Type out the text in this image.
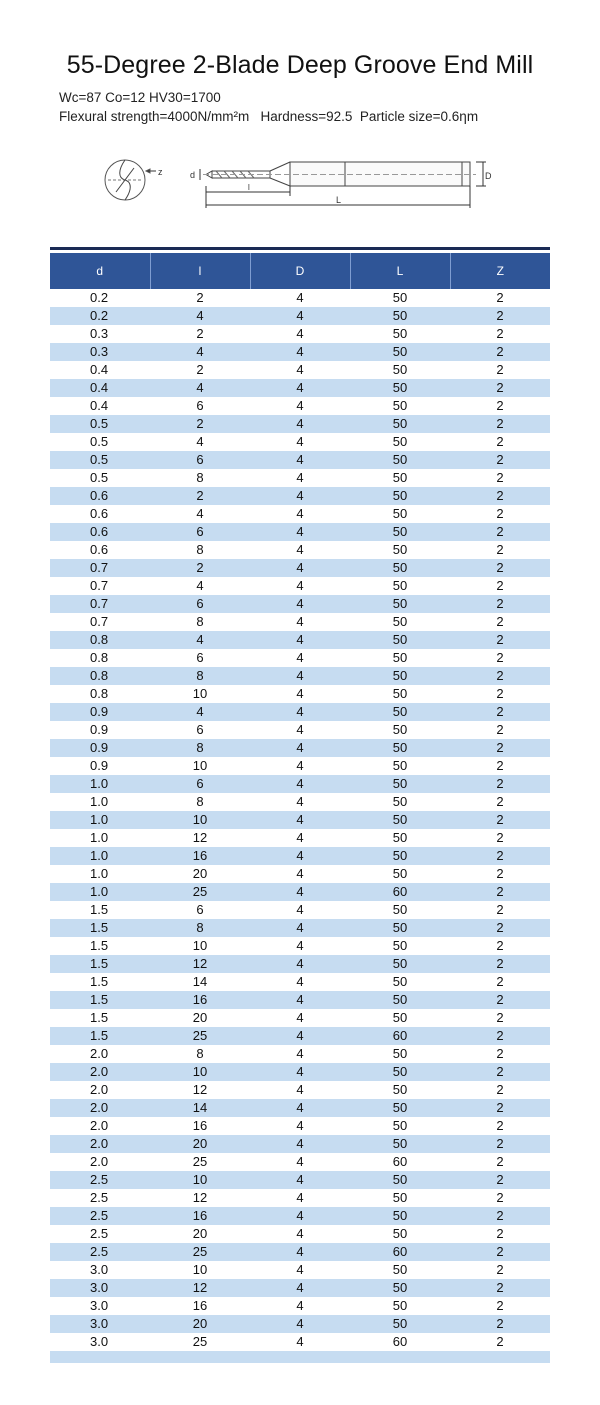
55-Degree 2-Blade Deep Groove End Mill
Wc=87 Co=12 HV30=1700
Flexural strength=4000N/mm²m   Hardness=92.5  Particle size=0.6ηm
z	d
l
L
D
d	l	D	L	Z
0.2	2	4	50	2
0.2	4	4	50	2
0.3	2	4	50	2
0.3	4	4	50	2
0.4	2	4	50	2
0.4	4	4	50	2
0.4	6	4	50	2
0.5	2	4	50	2
0.5	4	4	50	2
0.5	6	4	50	2
0.5	8	4	50	2
0.6	2	4	50	2
0.6	4	4	50	2
0.6	6	4	50	2
0.6	8	4	50	2
0.7	2	4	50	2
0.7	4	4	50	2
0.7	6	4	50	2
0.7	8	4	50	2
0.8	4	4	50	2
0.8	6	4	50	2
0.8	8	4	50	2
0.8	10	4	50	2
0.9	4	4	50	2
0.9	6	4	50	2
0.9	8	4	50	2
0.9	10	4	50	2
1.0	6	4	50	2
1.0	8	4	50	2
1.0	10	4	50	2
1.0	12	4	50	2
1.0	16	4	50	2
1.0	20	4	50	2
1.0	25	4	60	2
1.5	6	4	50	2
1.5	8	4	50	2
1.5	10	4	50	2
1.5	12	4	50	2
1.5	14	4	50	2
1.5	16	4	50	2
1.5	20	4	50	2
1.5	25	4	60	2
2.0	8	4	50	2
2.0	10	4	50	2
2.0	12	4	50	2
2.0	14	4	50	2
2.0	16	4	50	2
2.0	20	4	50	2
2.0	25	4	60	2
2.5	10	4	50	2
2.5	12	4	50	2
2.5	16	4	50	2
2.5	20	4	50	2
2.5	25	4	60	2
3.0	10	4	50	2
3.0	12	4	50	2
3.0	16	4	50	2
3.0	20	4	50	2
3.0	25	4	60	2
